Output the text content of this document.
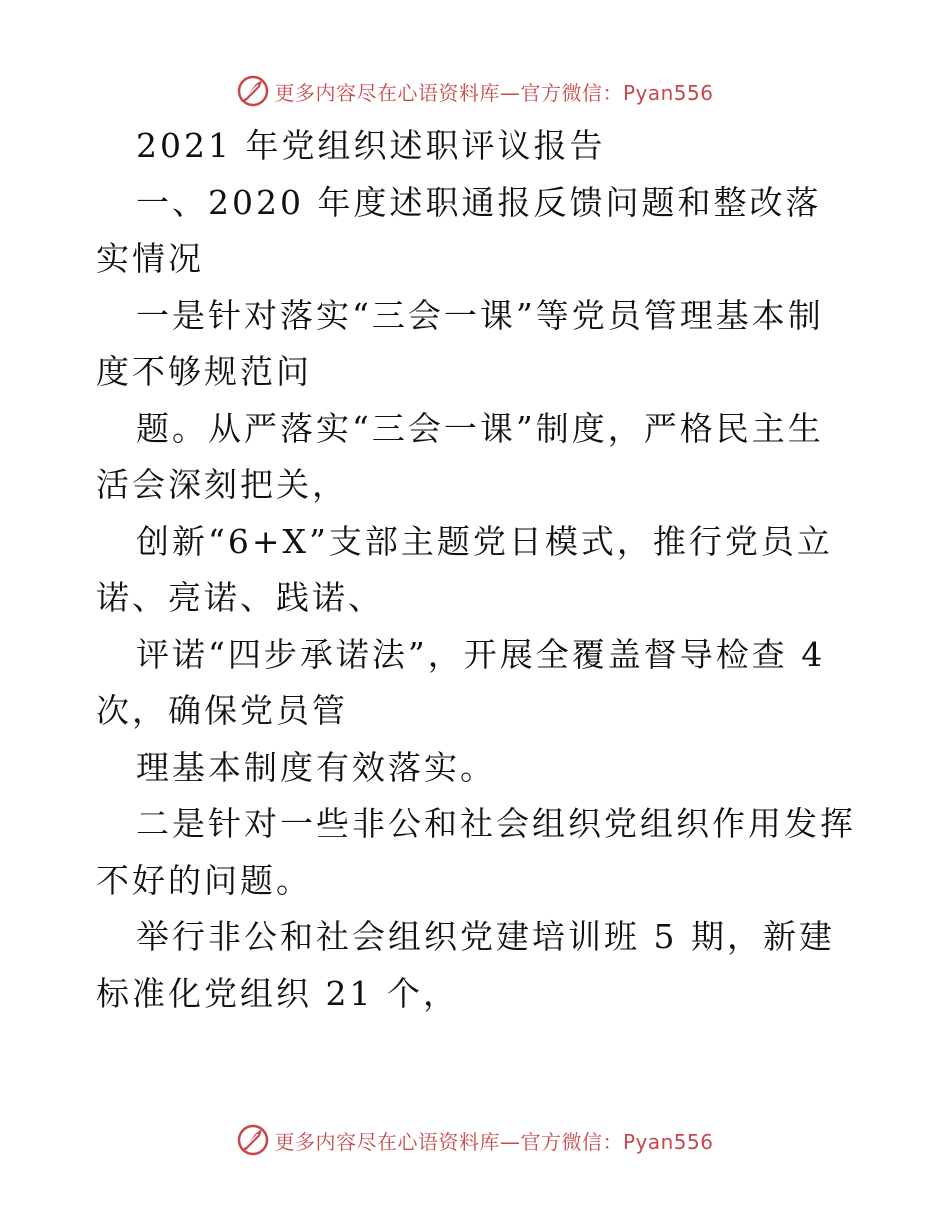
更多内容尽在心语资料库—官方微信：Pyan556

2021 年党组织述职评议报告

一、2020 年度述职通报反馈问题和整改落实情况

一是针对落实“三会一课”等党员管理基本制度不够规范问

题。从严落实“三会一课”制度，严格民主生活会深刻把关，

创新“6+X”支部主题党日模式，推行党员立诺、亮诺、践诺、

评诺“四步承诺法”，开展全覆盖督导检查 4 次，确保党员管

理基本制度有效落实。

二是针对一些非公和社会组织党组织作用发挥不好的问题。

举行非公和社会组织党建培训班 5 期，新建标准化党组织 21 个，

更多内容尽在心语资料库—官方微信：Pyan556
